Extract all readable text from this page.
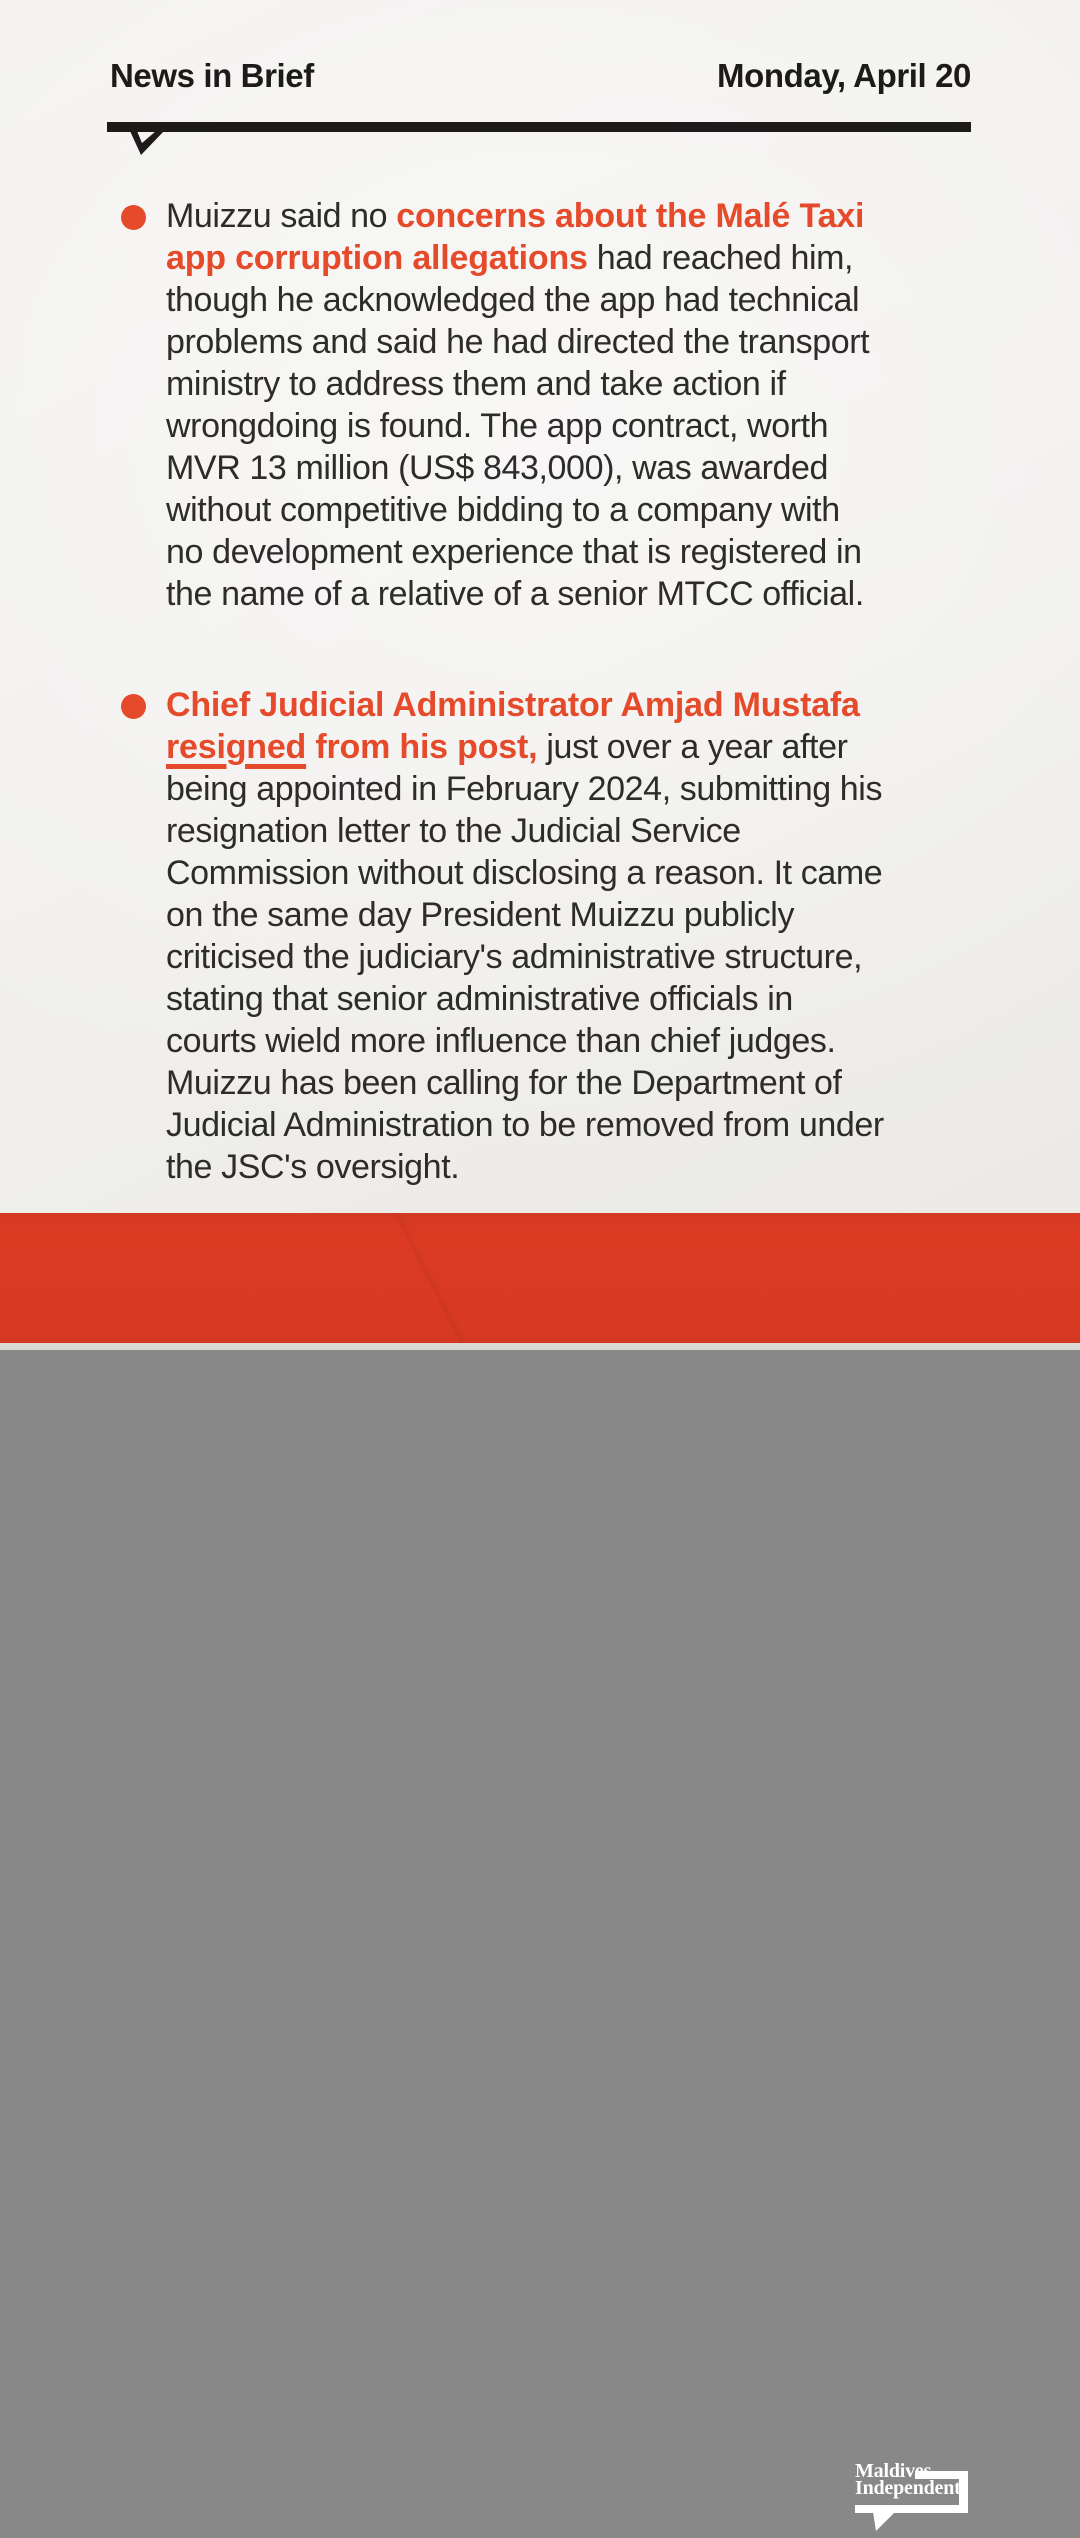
News in Brief	Monday, April 20
Muizzu said no concerns about the Malé Taxi
app corruption allegations had reached him,
though he acknowledged the app had technical
problems and said he had directed the transport
ministry to address them and take action if
wrongdoing is found. The app contract, worth
MVR 13 million (US$ 843,000), was awarded
without competitive bidding to a company with
no development experience that is registered in
the name of a relative of a senior MTCC official.
Chief Judicial Administrator Amjad Mustafa
resigned from his post, just over a year after
being appointed in February 2024, submitting his
resignation letter to the Judicial Service
Commission without disclosing a reason. It came
on the same day President Muizzu publicly
criticised the judiciary's administrative structure,
stating that senior administrative officials in
courts wield more influence than chief judges.
Muizzu has been calling for the Department of
Judicial Administration to be removed from under
the JSC's oversight.
Maldives
Independent
